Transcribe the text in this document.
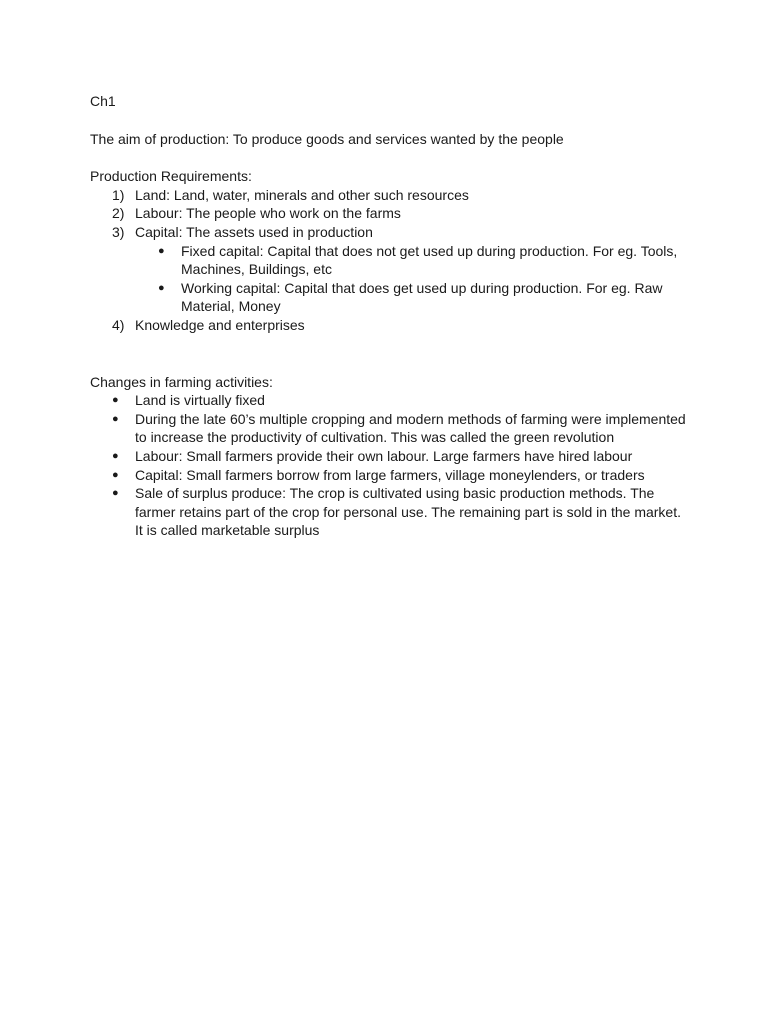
Ch1

The aim of production: To produce goods and services wanted by the people

Production Requirements:

1) Land: Land, water, minerals and other such resources
2) Labour: The people who work on the farms
3) Capital: The assets used in production
● Fixed capital: Capital that does not get used up during production. For eg. Tools, Machines, Buildings, etc
● Working capital: Capital that does get used up during production. For eg. Raw Material, Money
4) Knowledge and enterprises

Changes in farming activities:

● Land is virtually fixed
● During the late 60’s multiple cropping and modern methods of farming were implemented to increase the productivity of cultivation. This was called the green revolution
● Labour: Small farmers provide their own labour. Large farmers have hired labour
● Capital: Small farmers borrow from large farmers, village moneylenders, or traders
● Sale of surplus produce: The crop is cultivated using basic production methods. The farmer retains part of the crop for personal use. The remaining part is sold in the market. It is called marketable surplus
